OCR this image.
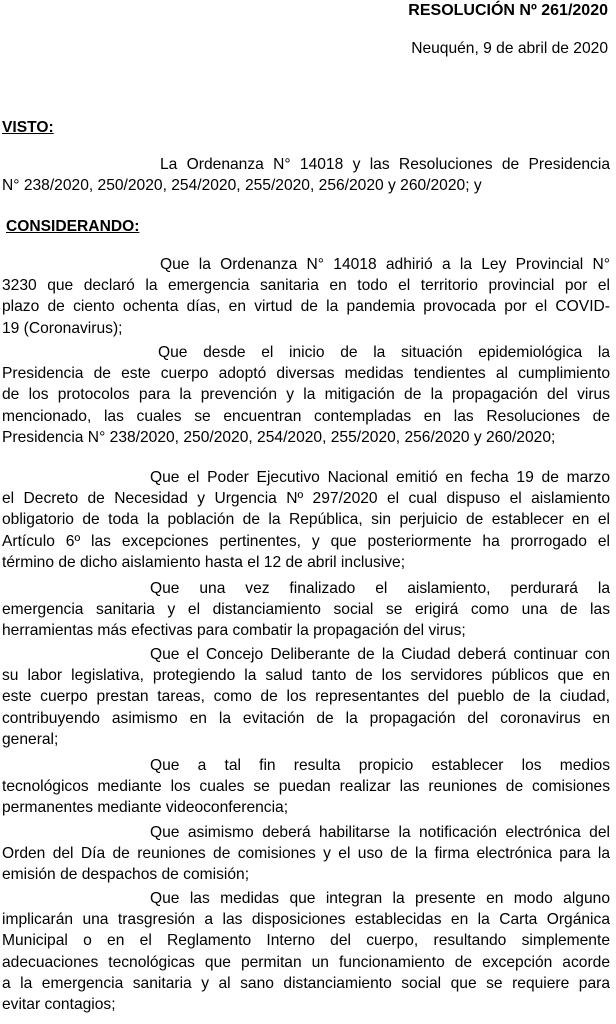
RESOLUCIÓN Nº 261/2020
Neuquén, 9 de abril de 2020
VISTO:
La Ordenanza N° 14018 y las Resoluciones de Presidencia
N° 238/2020, 250/2020, 254/2020, 255/2020, 256/2020 y 260/2020; y
CONSIDERANDO:
Que la Ordenanza N° 14018 adhirió a la Ley Provincial N°
3230 que declaró la emergencia sanitaria en todo el territorio provincial por el
plazo de ciento ochenta días, en virtud de la pandemia provocada por el COVID-
19 (Coronavirus);
Que desde el inicio de la situación epidemiológica la
Presidencia de este cuerpo adoptó diversas medidas tendientes al cumplimiento
de los protocolos para la prevención y la mitigación de la propagación del virus
mencionado, las cuales se encuentran contempladas en las Resoluciones de
Presidencia N° 238/2020, 250/2020, 254/2020, 255/2020, 256/2020 y 260/2020;
Que el Poder Ejecutivo Nacional emitió en fecha 19 de marzo
el Decreto de Necesidad y Urgencia Nº 297/2020 el cual dispuso el aislamiento
obligatorio de toda la población de la República, sin perjuicio de establecer en el
Artículo 6º las excepciones pertinentes, y que posteriormente ha prorrogado el
término de dicho aislamiento hasta el 12 de abril inclusive;
Que una vez finalizado el aislamiento, perdurará la
emergencia sanitaria y el distanciamiento social se erigirá como una de las
herramientas más efectivas para combatir la propagación del virus;
Que el Concejo Deliberante de la Ciudad deberá continuar con
su labor legislativa, protegiendo la salud tanto de los servidores públicos que en
este cuerpo prestan tareas, como de los representantes del pueblo de la ciudad,
contribuyendo asimismo en la evitación de la propagación del coronavirus en
general;
Que a tal fin resulta propicio establecer los medios
tecnológicos mediante los cuales se puedan realizar las reuniones de comisiones
permanentes mediante videoconferencia;
Que asimismo deberá habilitarse la notificación electrónica del
Orden del Día de reuniones de comisiones y el uso de la firma electrónica para la
emisión de despachos de comisión;
Que las medidas que integran la presente en modo alguno
implicarán una trasgresión a las disposiciones establecidas en la Carta Orgánica
Municipal o en el Reglamento Interno del cuerpo, resultando simplemente
adecuaciones tecnológicas que permitan un funcionamiento de excepción acorde
a la emergencia sanitaria y al sano distanciamiento social que se requiere para
evitar contagios;
